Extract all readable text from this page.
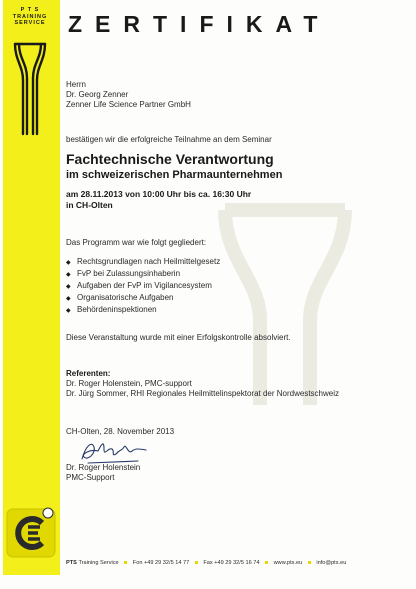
P T S
TRAINING
SERVICE ZERTIFIKAT
Herrn
Dr. Georg Zenner
Zenner Life Science Partner GmbH
bestätigen wir die erfolgreiche Teilnahme an dem Seminar
Fachtechnische Verantwortung
im schweizerischen Pharmaunternehmen
am 28.11.2013 von 10:00 Uhr bis ca. 16:30 Uhr
in CH-Olten
Das Programm war wie folgt gegliedert:
◆ Rechtsgrundlagen nach Heilmittelgesetz
◆ FvP bei Zulassungsinhaberin
◆ Aufgaben der FvP im Vigilancesystem
◆ Organisatorische Aufgaben
◆ Behördeninspektionen
Diese Veranstaltung wurde mit einer Erfolgskontrolle absolviert.
Referenten:
Dr. Roger Holenstein, PMC-support
Dr. Jürg Sommer, RHI Regionales Heilmittelinspektorat der Nordwestschweiz
CH-Olten, 28. November 2013
Dr. Roger Holenstein
PMC-Support
PTS Training Service	Fon +49 29 32/5 14 77	Fax +49 29 32/5 16 74	www.pts.eu	info@pts.eu
